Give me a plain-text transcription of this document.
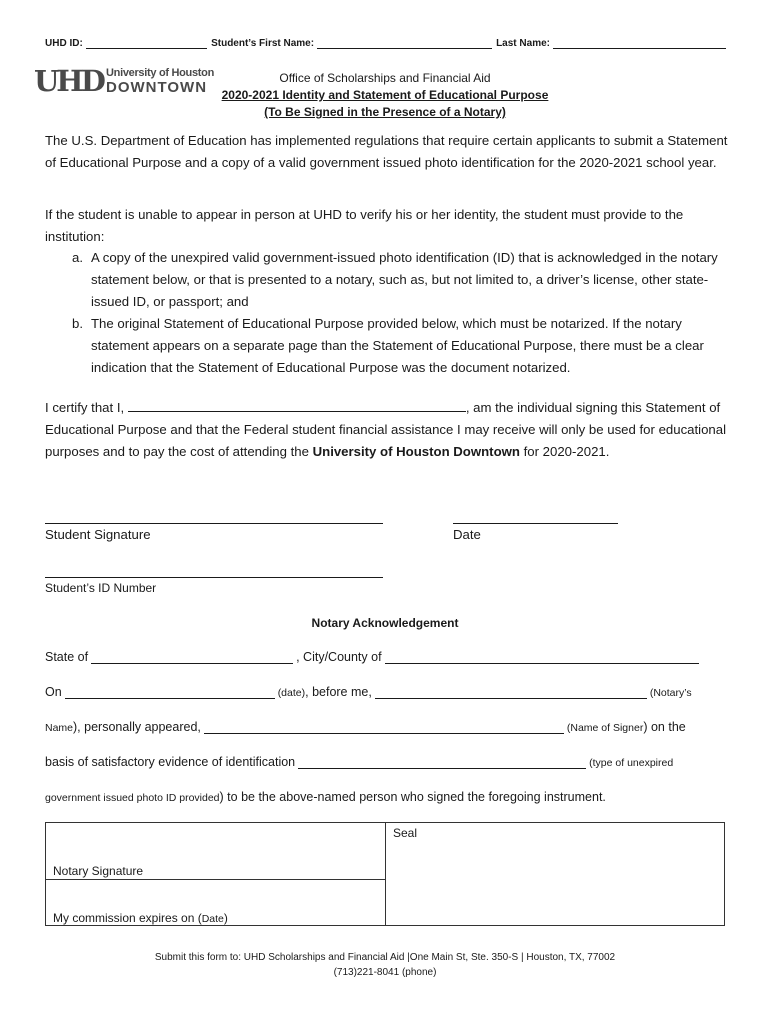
UHD ID:	Student’s First Name:	Last Name:
UHD University of Houston
DOWNTOWN
Office of Scholarships and Financial Aid
2020-2021 Identity and Statement of Educational Purpose
(To Be Signed in the Presence of a Notary)
The U.S. Department of Education has implemented regulations that require certain applicants to submit a Statement of Educational Purpose and a copy of a valid government issued photo identification for the 2020-2021 school year.
If the student is unable to appear in person at UHD to verify his or her identity, the student must provide to the institution:
a. A copy of the unexpired valid government-issued photo identification (ID) that is acknowledged in the notary statement below, or that is presented to a notary, such as, but not limited to, a driver’s license, other state-issued ID, or passport; and
b. The original Statement of Educational Purpose provided below, which must be notarized. If the notary statement appears on a separate page than the Statement of Educational Purpose, there must be a clear indication that the Statement of Educational Purpose was the document notarized.
I certify that I,	, am the individual signing this Statement of Educational Purpose and that the Federal student financial assistance I may receive will only be used for educational purposes and to pay the cost of attending the University of Houston Downtown for 2020-2021.
Student Signature	Date
Student’s ID Number
Notary Acknowledgement
State of	, City/County of
On	(date) , before me,	(Notary’s
Name ), personally appeared,	(Name of Signer ) on the
basis of satisfactory evidence of identification	(type of unexpired
government issued photo ID provided ) to be the above-named person who signed the foregoing instrument.
Seal
Notary Signature
My commission expires on (Date)
Submit this form to: UHD Scholarships and Financial Aid |One Main St, Ste. 350-S | Houston, TX, 77002
(713)221-8041 (phone)
